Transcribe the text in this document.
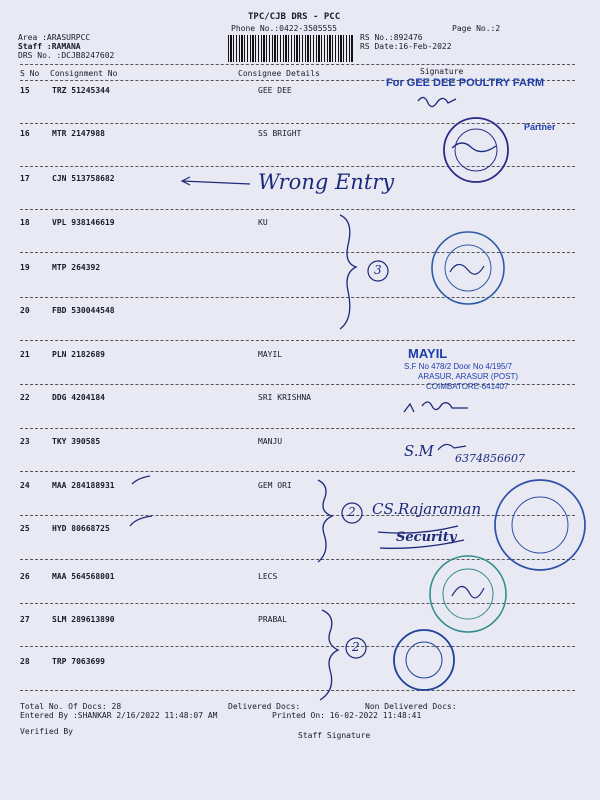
TPC/CJB DRS - PCC
Phone No.:0422-3505555	Page No.:2
Area :ARASURPCC
Staff :RAMANA
DRS No. :DCJB8247602
RS No.:892476
RS Date:16-Feb-2022
S No Consignment No	Consignee Details	Signature
15	TRZ 51245344	GEE DEE
16	MTR 2147988	SS BRIGHT
17	CJN 513758682
18	VPL 938146619	KU
19	MTP 264392
20	FBD 530044548
21	PLN 2182689	MAYIL
22	DDG 4204184	SRI KRISHNA
23	TKY 390585	MANJU
24	MAA 284188931	GEM ORI
25	HYD 80668725
26	MAA 564568001	LECS
27	SLM 289613890	PRABAL
28	TRP 7063699
Total No. Of Docs: 28	Delivered Docs:	Non Delivered Docs:
Entered By :SHANKAR 2/16/2022 11:48:07 AM	Printed On: 16-02-2022 11:48:41
Verified By	Staff Signature
For GEE DEE POULTRY FARM
Partner
Wrong Entry
3
MAYIL
S.F No 478/2 Door No 4/195/7
ARASUR, ARASUR (POST)
COIMBATORE-641407
S.M 6374856607
2 CS.Rajaraman
Security
2
